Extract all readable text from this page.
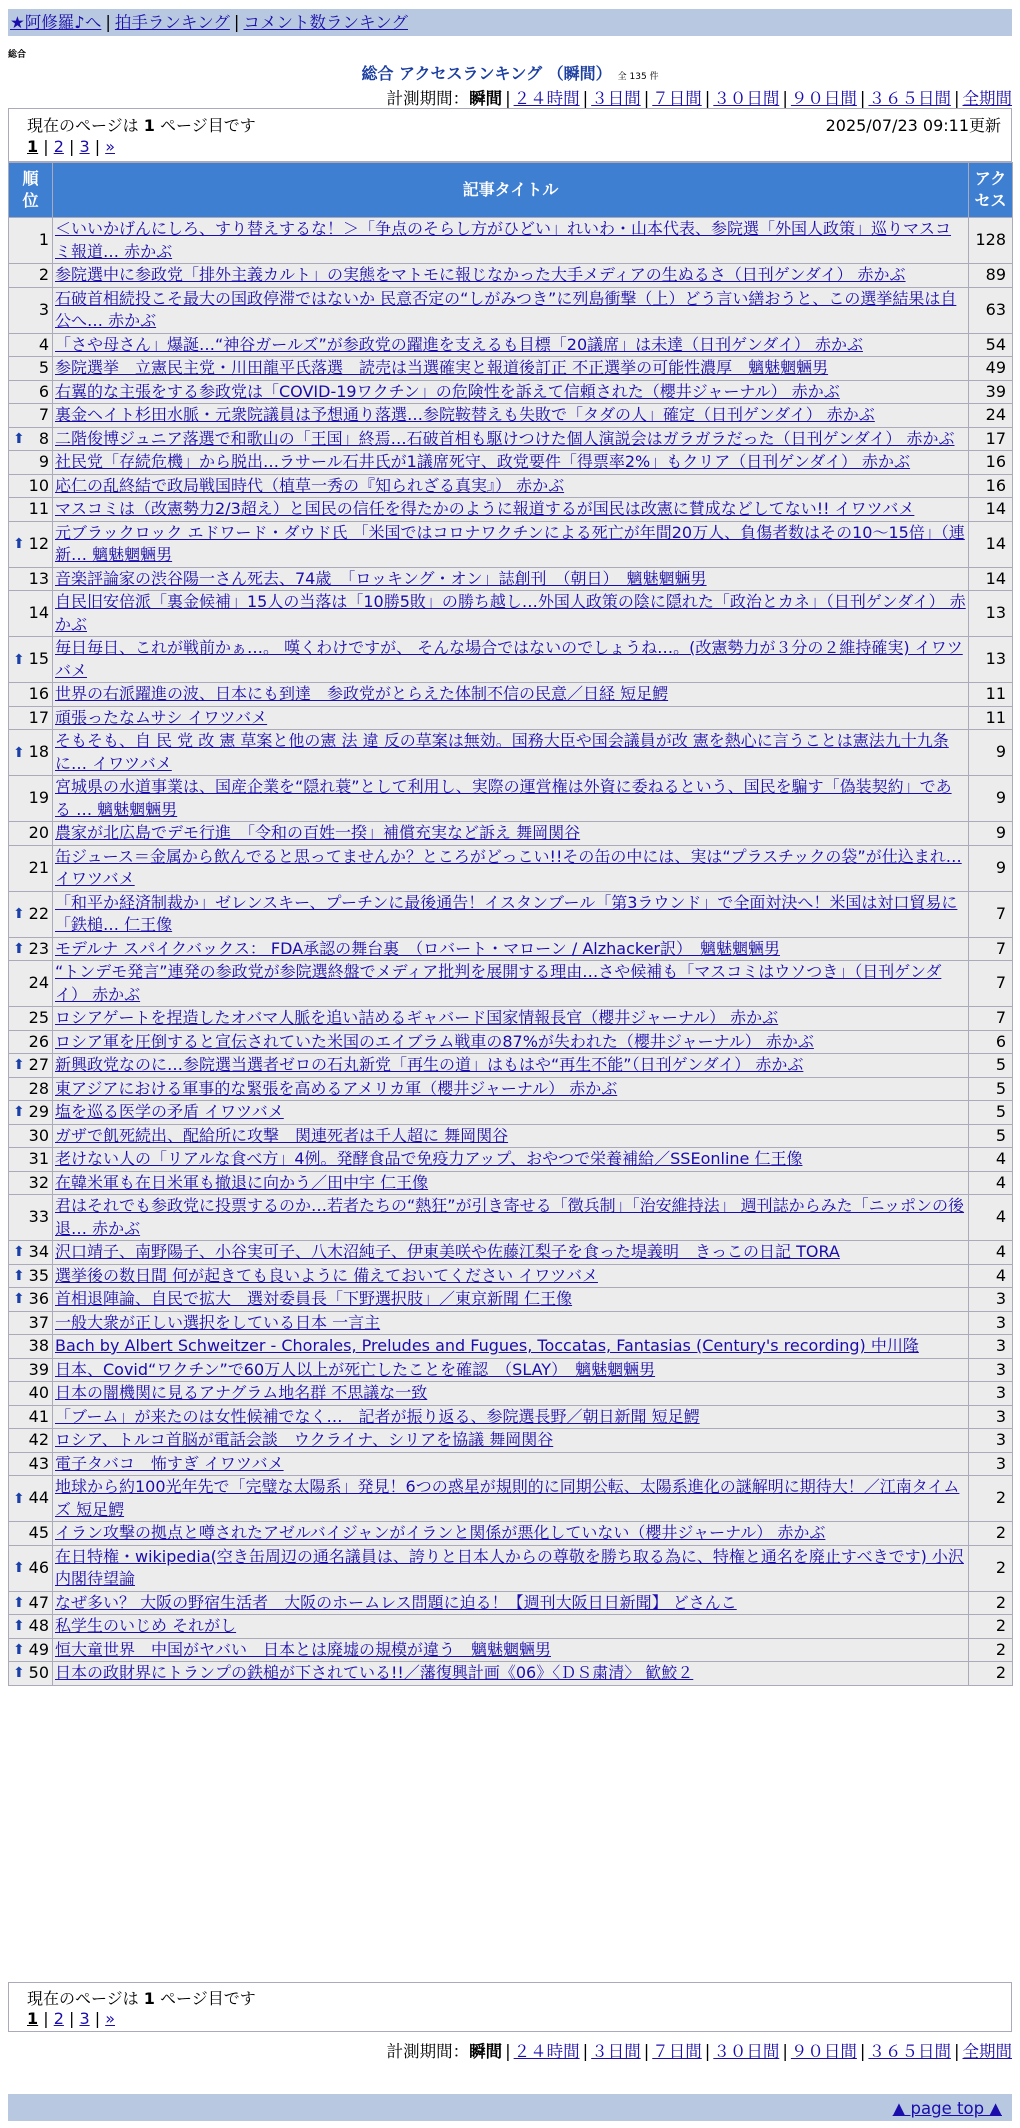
★阿修羅♪へ | 拍手ランキング | コメント数ランキング
総合
総合 アクセスランキング （瞬間） 全 135 件
計測期間：瞬間 | ２４時間 | ３日間 | ７日間 | ３０日間 | ９０日間 | ３６５日間 | 全期間
現在のページは 1 ページ目です	2025/07/23 09:11更新
1 | 2 | 3 | »
順
位	記事タイトル	アク
セス
1	＜いいかげんにしろ、すり替えするな！＞「争点のそらし方がひどい」れいわ・山本代表、参院選「外国人政策」巡りマスコミ報道… 赤かぶ	128
2	参院選中に参政党「排外主義カルト」の実態をマトモに報じなかった大手メディアの生ぬるさ（日刊ゲンダイ） 赤かぶ	89
3	石破首相続投こそ最大の国政停滞ではないか 民意否定の“しがみつき”に列島衝撃（上）どう言い繕おうと、この選挙結果は自公へ… 赤かぶ	63
4	「さや母さん」爆誕…“神谷ガールズ”が参政党の躍進を支えるも目標「20議席」は未達（日刊ゲンダイ） 赤かぶ	54
5	参院選挙　立憲民主党・川田龍平氏落選　読売は当選確実と報道後訂正 不正選挙の可能性濃厚　魑魅魍魎男	49
6	右翼的な主張をする参政党は「COVID-19ワクチン」の危険性を訴えて信頼された（櫻井ジャーナル） 赤かぶ	39
7	裏金ヘイト杉田水脈・元衆院議員は予想通り落選…参院鞍替えも失敗で「タダの人」確定（日刊ゲンダイ） 赤かぶ	24

⬆ 8	二階俊博ジュニア落選で和歌山の「王国」終焉…石破首相も駆けつけた個人演説会はガラガラだった（日刊ゲンダイ） 赤かぶ	17
9	社民党「存続危機」から脱出…ラサール石井氏が1議席死守、政党要件「得票率2%」もクリア（日刊ゲンダイ） 赤かぶ	16
10	応仁の乱終結で政局戦国時代（植草一秀の『知られざる真実』） 赤かぶ	16
11	マスコミは（改憲勢力2/3超え）と国民の信任を得たかのように報道するが国民は改憲に賛成などしてない!! イワツバメ	14

⬆ 12	元ブラックロック エドワード・ダウド氏 「米国ではコロナワクチンによる死亡が年間20万人、負傷者数はその10～15倍」（連新… 魑魅魍魎男	14
13	音楽評論家の渋谷陽一さん死去、74歳　「ロッキング・オン」誌創刊　（朝日）　魑魅魍魎男	14
14	自民旧安倍派「裏金候補」15人の当落は「10勝5敗」の勝ち越し…外国人政策の陰に隠れた「政治とカネ」（日刊ゲンダイ） 赤かぶ	13

⬆ 15	毎日毎日、これが戦前かぁ…。 嘆くわけですが、 そんな場合ではないのでしょうね…。(改憲勢力が３分の２維持確実) イワツバメ	13
16	世界の右派躍進の波、日本にも到達　参政党がとらえた体制不信の民意／日経 短足鰐	11
17	頑張ったなムサシ イワツバメ	11

⬆ 18	そもそも、自 民 党 改 憲 草案と他の憲 法 違 反の草案は無効。国務大臣や国会議員が改 憲を熱心に言うことは憲法九十九条に… イワツバメ	9
19	宮城県の水道事業は、国産企業を“隠れ蓑”として利用し、実際の運営権は外資に委ねるという、国民を騙す「偽装契約」である … 魑魅魍魎男	9
20	農家が北広島でデモ行進　「令和の百姓一揆」補償充実など訴え 舞岡関谷	9
21	缶ジュース＝金属から飲んでると思ってませんか？ところがどっこい!!その缶の中には、実は“プラスチックの袋”が仕込まれ… イワツバメ	9

⬆ 22	「和平か経済制裁か」ゼレンスキー、プーチンに最後通告！イスタンブール「第3ラウンド」で全面対決へ！米国は対口貿易に「鉄槌… 仁王像	7

⬆ 23	モデルナ スパイクバックス： FDA承認の舞台裏　（ロバート・マローン / Alzhacker訳）　魑魅魍魎男	7
24	“トンデモ発言”連発の参政党が参院選終盤でメディア批判を展開する理由…さや候補も「マスコミはウソつき」（日刊ゲンダイ） 赤かぶ	7
25	ロシアゲートを捏造したオバマ人脈を追い詰めるギャバード国家情報長官（櫻井ジャーナル） 赤かぶ	7
26	ロシア軍を圧倒すると宣伝されていた米国のエイブラム戦車の87%が失われた（櫻井ジャーナル） 赤かぶ	6

⬆ 27	新興政党なのに…参院選当選者ゼロの石丸新党「再生の道」はもはや“再生不能”（日刊ゲンダイ） 赤かぶ	5
28	東アジアにおける軍事的な緊張を高めるアメリカ軍（櫻井ジャーナル） 赤かぶ	5

⬆ 29	塩を巡る医学の矛盾 イワツバメ	5
30	ガザで飢死続出、配給所に攻撃　関連死者は千人超に 舞岡関谷	5
31	老けない人の「リアルな食べ方」4例。発酵食品で免疫力アップ、おやつで栄養補給／SSEonline 仁王像	4
32	在韓米軍も在日米軍も撤退に向かう／田中宇 仁王像	4
33	君はそれでも参政党に投票するのか…若者たちの“熱狂”が引き寄せる「徴兵制」「治安維持法」 週刊誌からみた「ニッポンの後退… 赤かぶ	4

⬆ 34	沢口靖子、南野陽子、小谷実可子、八木沼純子、伊東美咲や佐藤江梨子を食った堤義明　きっこの日記 TORA	4

⬆ 35	選挙後の数日間 何が起きても良いように 備えておいてください イワツバメ	4

⬆ 36	首相退陣論、自民で拡大　選対委員長「下野選択肢」／東京新聞 仁王像	3
37	一般大衆が正しい選択をしている日本 一言主	3
38	Bach by Albert Schweitzer - Chorales, Preludes and Fugues, Toccatas, Fantasias (Century's recording) 中川隆	3
39	日本、Covid“ワクチン”で60万人以上が死亡したことを確認　（SLAY）　魑魅魍魎男	3
40	日本の闇機関に見るアナグラム地名群 不思議な一致	3
41	「ブーム」が来たのは女性候補でなく…　記者が振り返る、参院選長野／朝日新聞 短足鰐	3
42	ロシア、トルコ首脳が電話会談　ウクライナ、シリアを協議 舞岡関谷	3
43	電子タバコ　怖すぎ イワツバメ	3

⬆ 44	地球から約100光年先で「完璧な太陽系」発見！6つの惑星が規則的に同期公転、太陽系進化の謎解明に期待大！／江南タイムズ 短足鰐	2
45	イラン攻撃の拠点と噂されたアゼルバイジャンがイランと関係が悪化していない（櫻井ジャーナル） 赤かぶ	2

⬆ 46	在日特権・wikipedia(空き缶周辺の通名議員は、誇りと日本人からの尊敬を勝ち取る為に、特権と通名を廃止すべきです) 小沢内閣待望論	2

⬆ 47	なぜ多い？ 大阪の野宿生活者　大阪のホームレス問題に迫る！【週刊大阪日日新聞】 どさんこ	2

⬆ 48	私学生のいじめ それがし	2

⬆ 49	恒大童世界　中国がヤバい　日本とは廃墟の規模が違う　魑魅魍魎男	2

⬆ 50	日本の政財界にトランプの鉄槌が下されている!!／藩復興計画《06》〈ＤＳ粛清〉 歓鮫２	2
現在のページは 1 ページ目です
1 | 2 | 3 | »
計測期間：瞬間 | ２４時間 | ３日間 | ７日間 | ３０日間 | ９０日間 | ３６５日間 | 全期間
▲ page top ▲
